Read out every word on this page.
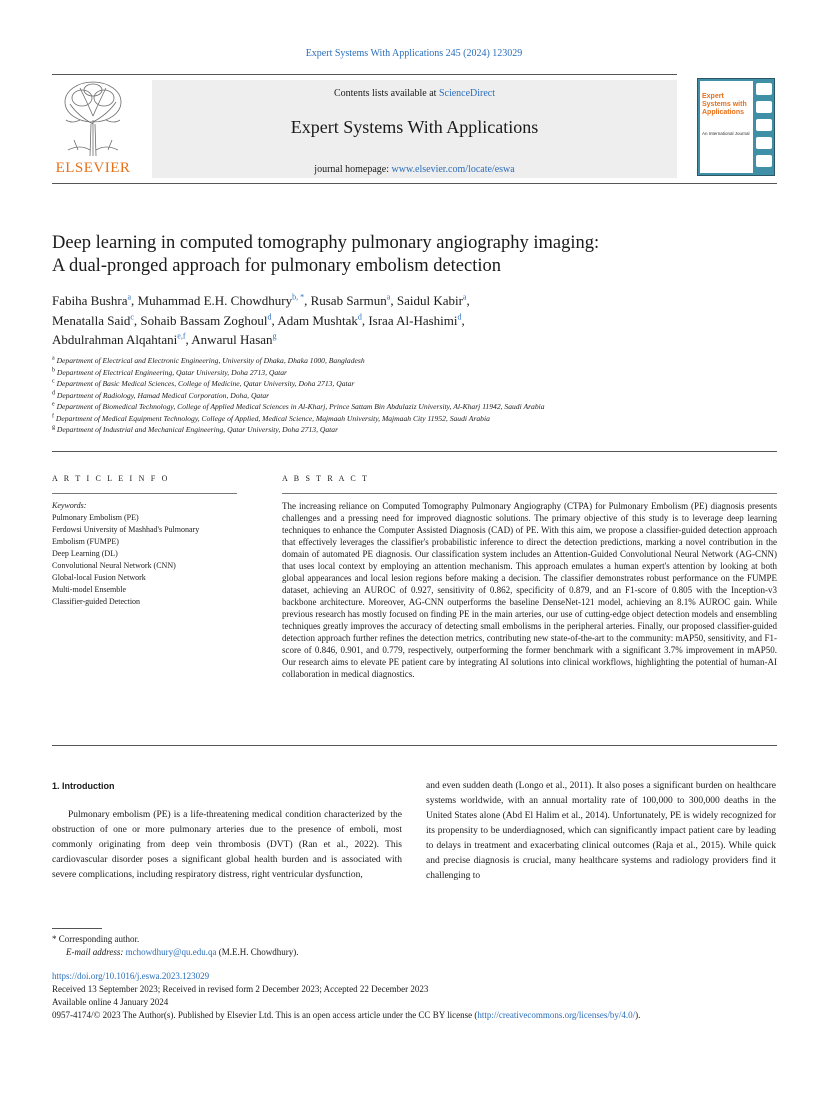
Expert Systems With Applications 245 (2024) 123029
ELSEVIER
Contents lists available at ScienceDirect
Expert Systems With Applications
journal homepage: www.elsevier.com/locate/eswa
Expert Systems with Applications
An International Journal
Deep learning in computed tomography pulmonary angiography imaging:
A dual-pronged approach for pulmonary embolism detection
Fabiha Bushra$^a$, Muhammad E.H. Chowdhury$^{b, *}$, Rusab Sarmun$^a$, Saidul Kabir$^a$,
Menatalla Said$^c$, Sohaib Bassam Zoghoul$^d$, Adam Mushtak$^d$, Israa Al-Hashimi$^d$,
Abdulrahman Alqahtani$^{e,f}$, Anwarul Hasan$^g$
$^a$ Department of Electrical and Electronic Engineering, University of Dhaka, Dhaka 1000, Bangladesh
$^b$ Department of Electrical Engineering, Qatar University, Doha 2713, Qatar
$^c$ Department of Basic Medical Sciences, College of Medicine, Qatar University, Doha 2713, Qatar
$^d$ Department of Radiology, Hamad Medical Corporation, Doha, Qatar
$^e$ Department of Biomedical Technology, College of Applied Medical Sciences in Al-Kharj, Prince Sattam Bin Abdulaziz University, Al-Kharj 11942, Saudi Arabia
$^f$ Department of Medical Equipment Technology, College of Applied, Medical Science, Majmaah University, Majmaah City 11952, Saudi Arabia
$^g$ Department of Industrial and Mechanical Engineering, Qatar University, Doha 2713, Qatar
A R T I C L E I N F O
Keywords:
Pulmonary Embolism (PE)
Ferdowsi University of Mashhad's Pulmonary
Embolism (FUMPE)
Deep Learning (DL)
Convolutional Neural Network (CNN)
Global-local Fusion Network
Multi-model Ensemble
Classifier-guided Detection
A B S T R A C T
The increasing reliance on Computed Tomography Pulmonary Angiography (CTPA) for Pulmonary Embolism (PE) diagnosis presents challenges and a pressing need for improved diagnostic solutions. The primary objective of this study is to leverage deep learning techniques to enhance the Computer Assisted Diagnosis (CAD) of PE. With this aim, we propose a classifier-guided detection approach that effectively leverages the classifier's probabilistic inference to direct the detection predictions, marking a novel contribution in the domain of automated PE diagnosis. Our classification system includes an Attention-Guided Convolutional Neural Network (AG-CNN) that uses local context by employing an attention mechanism. This approach emulates a human expert's attention by looking at both global appearances and local lesion regions before making a decision. The classifier demonstrates robust performance on the FUMPE dataset, achieving an AUROC of 0.927, sensitivity of 0.862, specificity of 0.879, and an F1-score of 0.805 with the Inception-v3 backbone architecture. Moreover, AG-CNN outperforms the baseline DenseNet-121 model, achieving an 8.1% AUROC gain. While previous research has mostly focused on finding PE in the main arteries, our use of cutting-edge object detection models and ensembling techniques greatly improves the accuracy of detecting small embolisms in the peripheral arteries. Finally, our proposed classifier-guided detection approach further refines the detection metrics, contributing new state-of-the-art to the community: mAP50, sensitivity, and F1-score of 0.846, 0.901, and 0.779, respectively, outperforming the former benchmark with a significant 3.7% improvement in mAP50. Our research aims to elevate PE patient care by integrating AI solutions into clinical workflows, highlighting the potential of human-AI collaboration in medical diagnostics.
1. Introduction
Pulmonary embolism (PE) is a life-threatening medical condition characterized by the obstruction of one or more pulmonary arteries due to the presence of emboli, most commonly originating from deep vein thrombosis (DVT) (Ran et al., 2022). This cardiovascular disorder poses a significant global health burden and is associated with severe complications, including respiratory distress, right ventricular dysfunction,
and even sudden death (Longo et al., 2011). It also poses a significant burden on healthcare systems worldwide, with an annual mortality rate of 100,000 to 300,000 deaths in the United States alone (Abd El Halim et al., 2014). Unfortunately, PE is widely recognized for its propensity to be underdiagnosed, which can significantly impact patient care by leading to delays in treatment and exacerbating clinical outcomes (Raja et al., 2015). While quick and precise diagnosis is crucial, many healthcare systems and radiology providers find it challenging to
* Corresponding author.
E-mail address: mchowdhury@qu.edu.qa (M.E.H. Chowdhury).
https://doi.org/10.1016/j.eswa.2023.123029
Received 13 September 2023; Received in revised form 2 December 2023; Accepted 22 December 2023
Available online 4 January 2024
0957-4174/© 2023 The Author(s). Published by Elsevier Ltd. This is an open access article under the CC BY license (http://creativecommons.org/licenses/by/4.0/).
